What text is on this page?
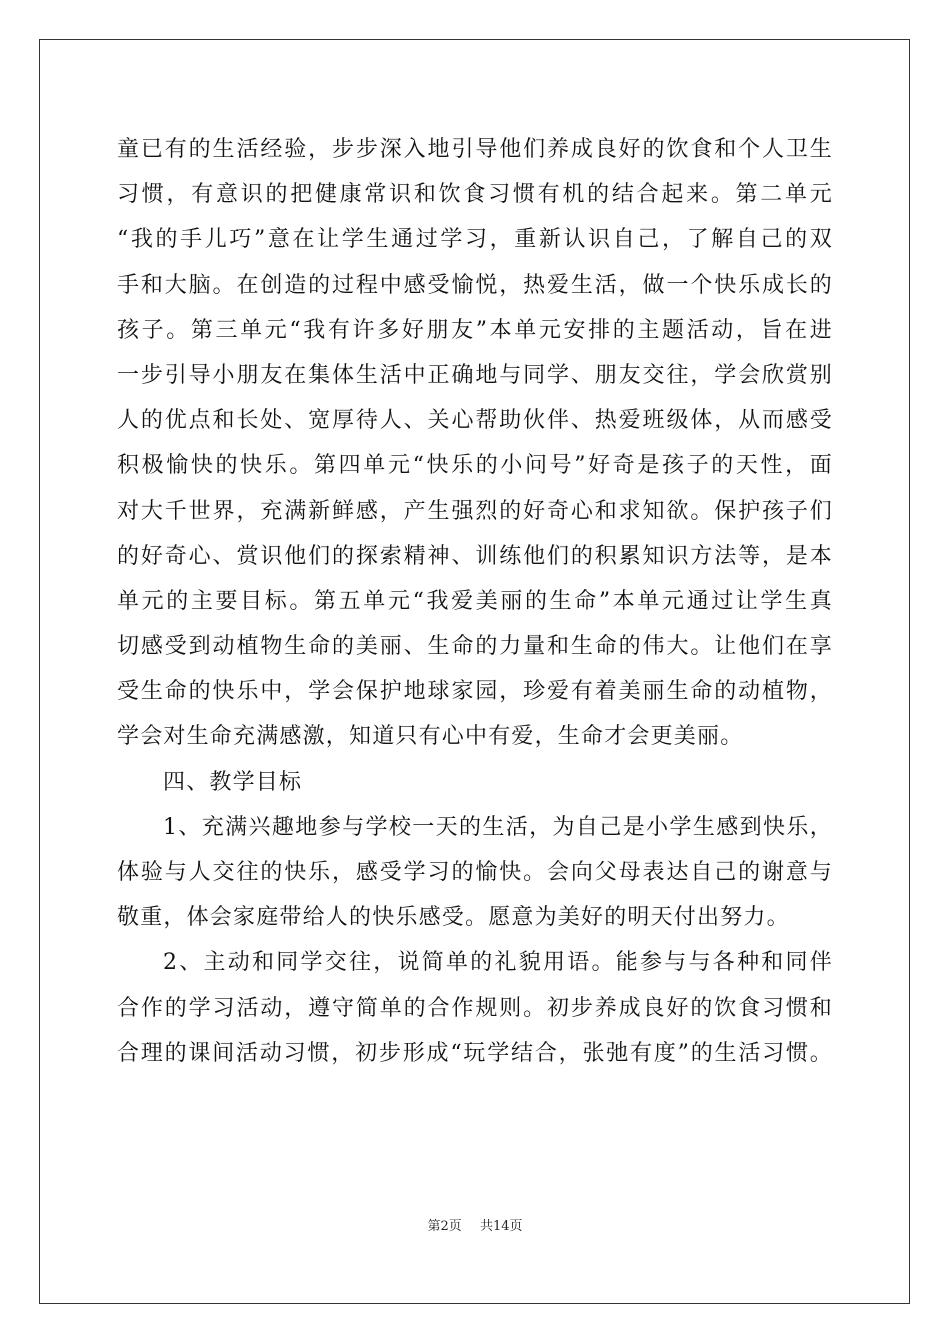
童已有的生活经验，步步深入地引导他们养成良好的饮食和个人卫生
习惯，有意识的把健康常识和饮食习惯有机的结合起来。第二单元
“我的手儿巧”意在让学生通过学习，重新认识自己，了解自己的双
手和大脑。在创造的过程中感受愉悦，热爱生活，做一个快乐成长的
孩子。第三单元“我有许多好朋友”本单元安排的主题活动，旨在进
一步引导小朋友在集体生活中正确地与同学、朋友交往，学会欣赏别
人的优点和长处、宽厚待人、关心帮助伙伴、热爱班级体，从而感受
积极愉快的快乐。第四单元“快乐的小问号”好奇是孩子的天性，面
对大千世界，充满新鲜感，产生强烈的好奇心和求知欲。保护孩子们
的好奇心、赏识他们的探索精神、训练他们的积累知识方法等，是本
单元的主要目标。第五单元“我爱美丽的生命”本单元通过让学生真
切感受到动植物生命的美丽、生命的力量和生命的伟大。让他们在享
受生命的快乐中，学会保护地球家园，珍爱有着美丽生命的动植物，
学会对生命充满感激，知道只有心中有爱，生命才会更美丽。
四、教学目标
1、充满兴趣地参与学校一天的生活，为自己是小学生感到快乐，
体验与人交往的快乐，感受学习的愉快。会向父母表达自己的谢意与
敬重，体会家庭带给人的快乐感受。愿意为美好的明天付出努力。
2、主动和同学交往，说简单的礼貌用语。能参与与各种和同伴
合作的学习活动，遵守简单的合作规则。初步养成良好的饮食习惯和
合理的课间活动习惯，初步形成“玩学结合，张弛有度”的生活习惯。
第2页 共14页
